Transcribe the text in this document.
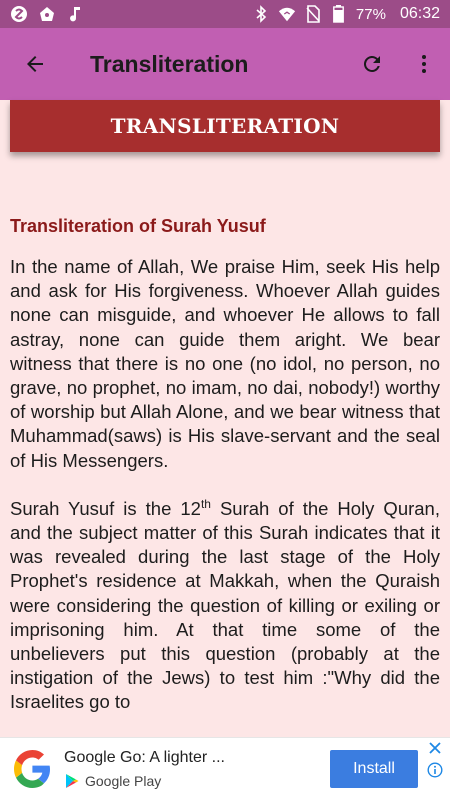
77% 06:32
Transliteration
TRANSLITERATION
Transliteration of Surah Yusuf

In the name of Allah, We praise Him, seek His help and ask for His forgiveness. Whoever Allah guides none can misguide, and whoever He allows to fall astray, none can guide them aright. We bear witness that there is no one (no idol, no person, no grave, no prophet, no imam, no dai, nobody!) worthy of worship but Allah Alone, and we bear witness that Muhammad(saws) is His slave-servant and the seal of His Messengers.

Surah Yusuf is the 12th Surah of the Holy Quran, and the subject matter of this Surah indicates that it was revealed during the last stage of the Holy Prophet's residence at Makkah, when the Quraish were considering the question of killing or exiling or imprisoning him. At that time some of the unbelievers put this question (probably at the instigation of the Jews) to test him :"Why did the Israelites go to

Google Go: A lighter ...
Google Play
Install
